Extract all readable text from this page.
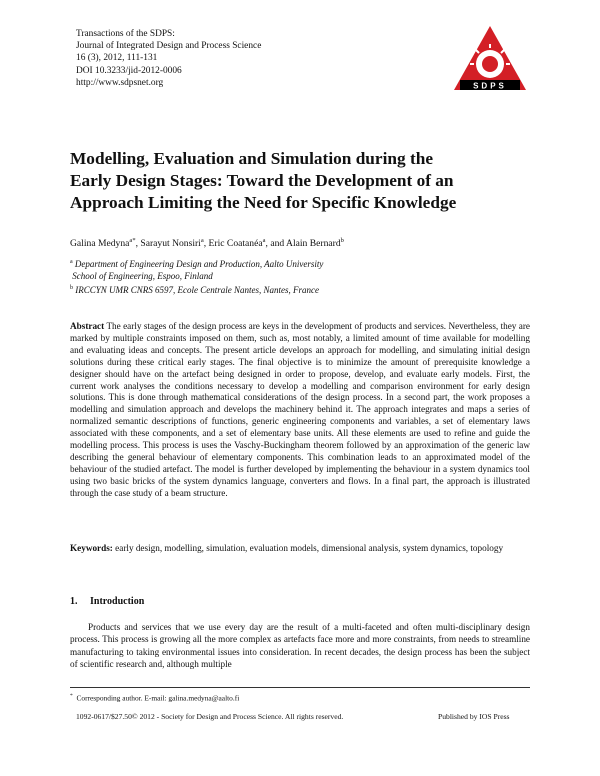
Transactions of the SDPS:
Journal of Integrated Design and Process Science
16 (3), 2012, 111-131
DOI 10.3233/jid-2012-0006
http://www.sdpsnet.org	SDPS
Modelling, Evaluation and Simulation during the
Early Design Stages: Toward the Development of an
Approach Limiting the Need for Specific Knowledge
Galina Medyna$^{a*}$, Sarayut Nonsiri$^a$, Eric Coatanéa$^a$, and Alain Bernard$^b$
$^a$ Department of Engineering Design and Production, Aalto University
School of Engineering, Espoo, Finland
$^b$ IRCCYN UMR CNRS 6597, Ecole Centrale Nantes, Nantes, France

Abstract The early stages of the design process are keys in the development of products and services. Nevertheless, they are marked by multiple constraints imposed on them, such as, most notably, a limited amount of time available for modelling and evaluating ideas and concepts. The present article develops an approach for modelling, and simulating initial design solutions during these critical early stages. The final objective is to minimize the amount of prerequisite knowledge a designer should have on the artefact being designed in order to propose, develop, and evaluate early models. First, the current work analyses the conditions necessary to develop a modelling and comparison environment for early design solutions. This is done through mathematical considerations of the design process. In a second part, the work proposes a modelling and simulation approach and develops the machinery behind it. The approach integrates and maps a series of normalized semantic descriptions of functions, generic engineering components and variables, a set of elementary laws associated with these components, and a set of elementary base units. All these elements are used to refine and guide the modelling process. This process is uses the Vaschy-Buckingham theorem followed by an approximation of the generic law describing the general behaviour of elementary components. This combination leads to an approximated model of the behaviour of the studied artefact. The model is further developed by implementing the behaviour in a system dynamics tool using two basic bricks of the system dynamics language, converters and flows. In a final part, the approach is illustrated through the case study of a beam structure.

Keywords: early design, modelling, simulation, evaluation models, dimensional analysis, system dynamics, topology

1. Introduction

Products and services that we use every day are the result of a multi-faceted and often multi-disciplinary design process. This process is growing all the more complex as artefacts face more and more constraints, from needs to streamline manufacturing to taking environmental issues into consideration. In recent decades, the design process has been the subject of scientific research and, although multiple

* Corresponding author. E-mail: galina.medyna@aalto.fi
1092-0617/$27.50© 2012 - Society for Design and Process Science. All rights reserved.	Published by IOS Press
